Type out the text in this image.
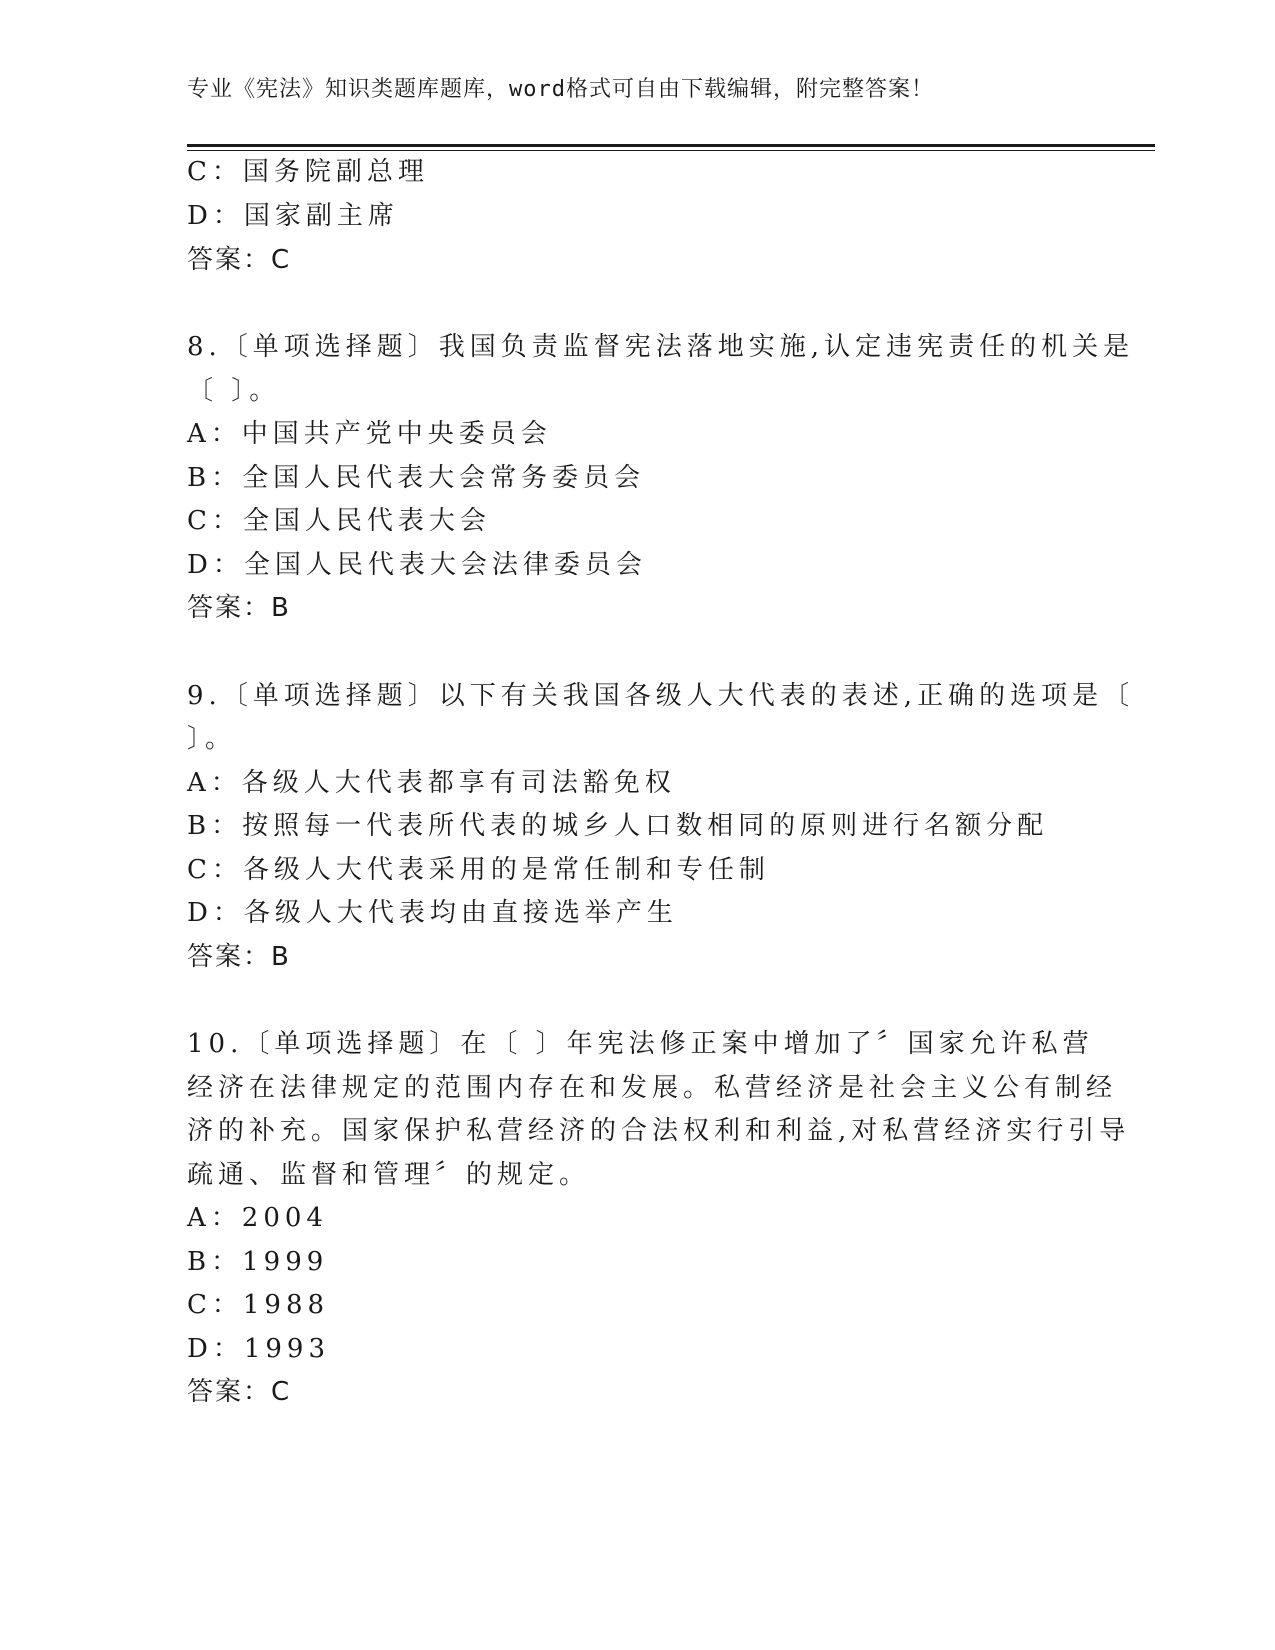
专业《宪法》知识类题库题库，word格式可自由下载编辑，附完整答案！
C：国务院副总理
D：国家副主席
答案：C
8.〔单项选择题〕我国负责监督宪法落地实施,认定违宪责任的机关是
〔 〕。
A：中国共产党中央委员会
B：全国人民代表大会常务委员会
C：全国人民代表大会
D：全国人民代表大会法律委员会
答案：B
9.〔单项选择题〕以下有关我国各级人大代表的表述,正确的选项是〔
〕。
A：各级人大代表都享有司法豁免权
B：按照每一代表所代表的城乡人口数相同的原则进行名额分配
C：各级人大代表采用的是常任制和专任制
D：各级人大代表均由直接选举产生
答案：B
10.〔单项选择题〕在〔 〕年宪法修正案中增加了〞国家允许私营
经济在法律规定的范围内存在和发展。私营经济是社会主义公有制经
济的补充。国家保护私营经济的合法权利和利益,对私营经济实行引导
疏通、监督和管理〞的规定。
A：2004
B：1999
C：1988
D：1993
答案：C
